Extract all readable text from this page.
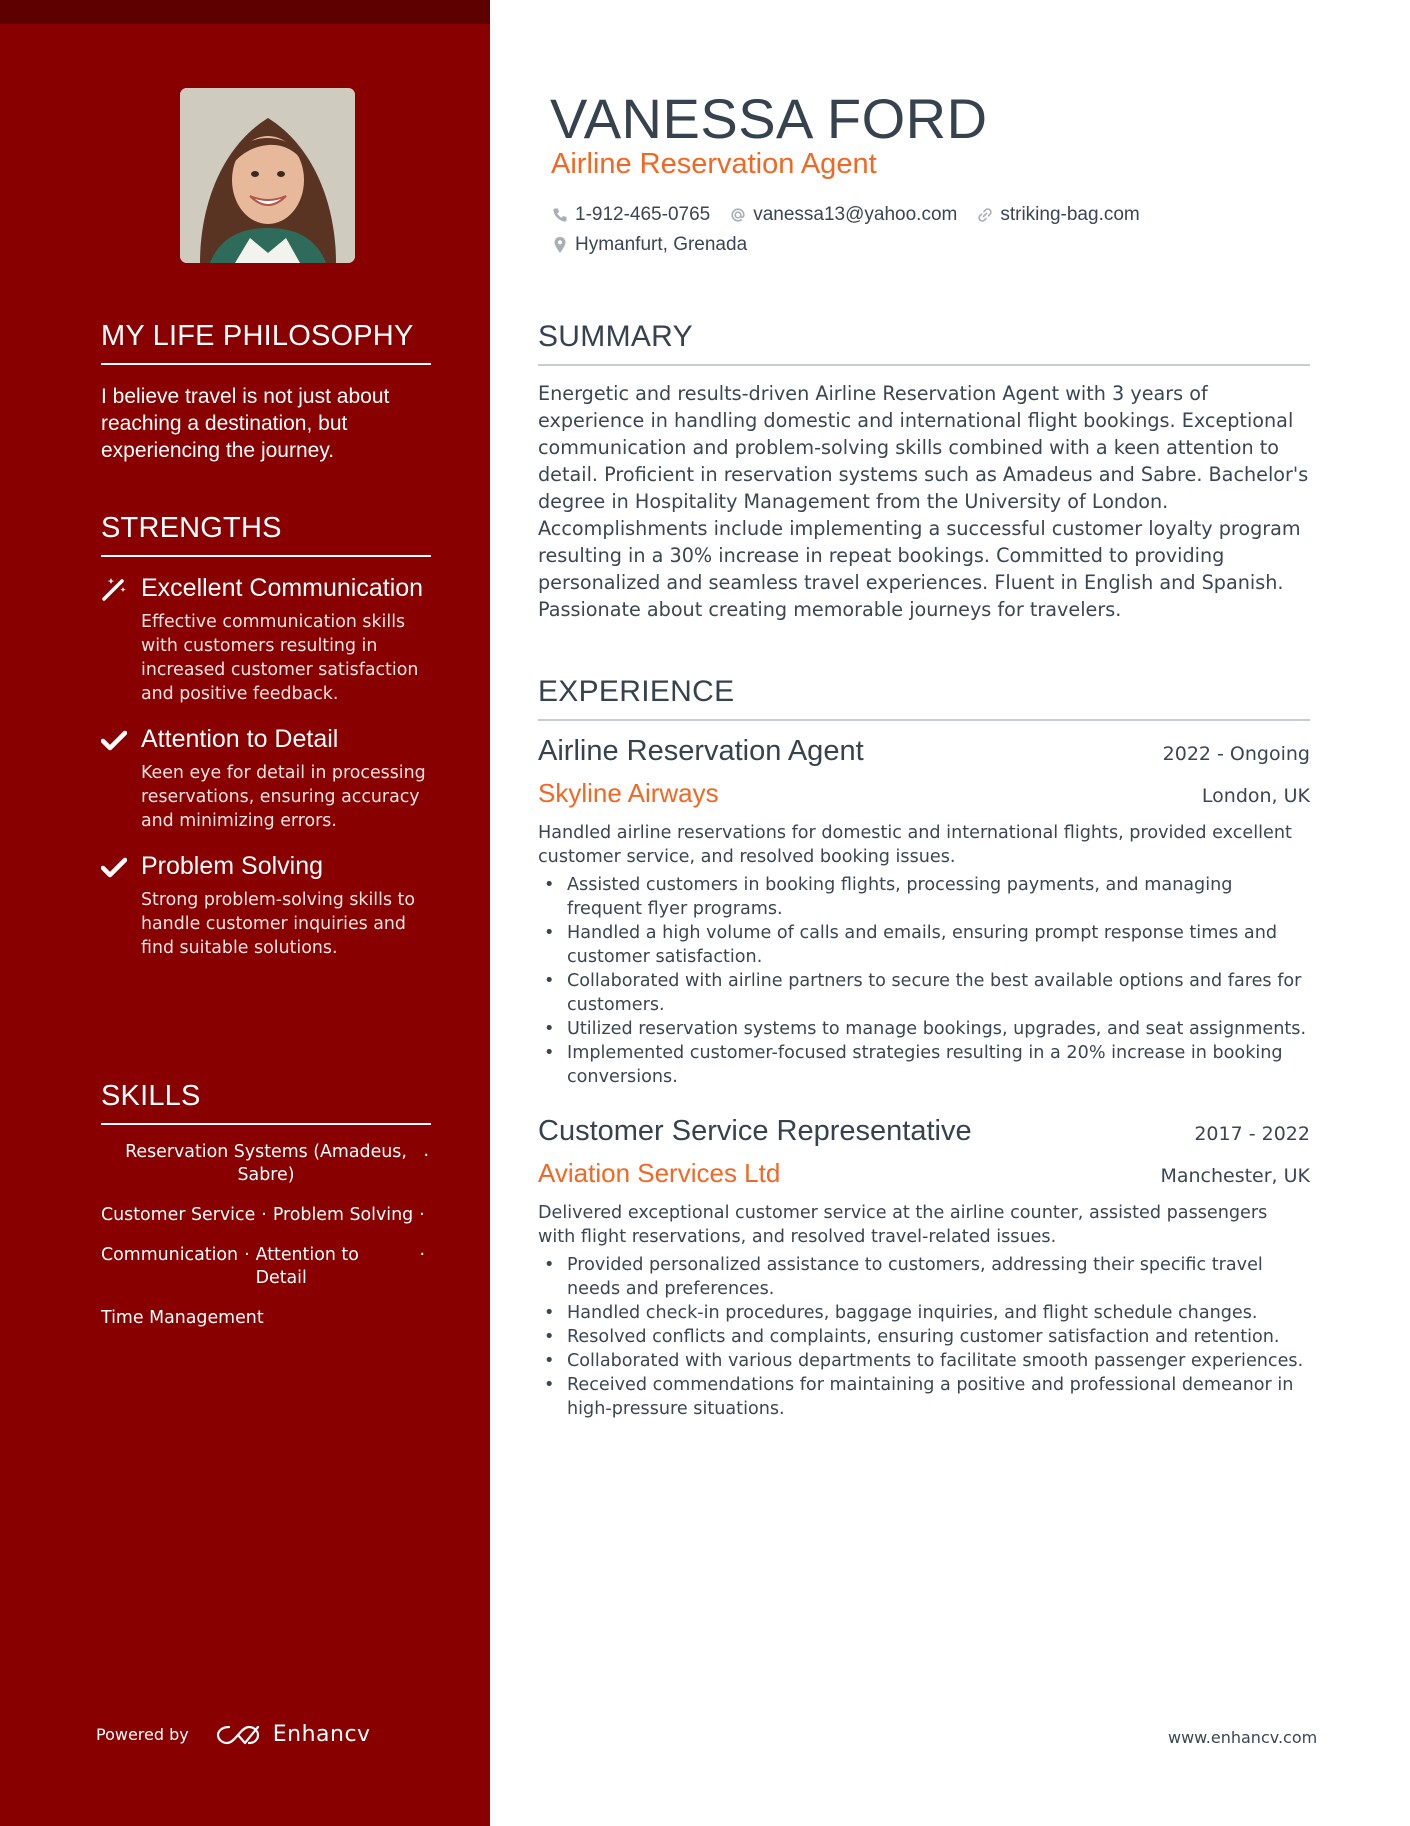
MY LIFE PHILOSOPHY

I believe travel is not just about reaching a destination, but experiencing the journey.

STRENGTHS
Excellent Communication
Effective communication skills with customers resulting in increased customer satisfaction and positive feedback.
Attention to Detail
Keen eye for detail in processing reservations, ensuring accuracy and minimizing errors.
Problem Solving
Strong problem-solving skills to handle customer inquiries and find suitable solutions.
SKILLS
Reservation Systems (Amadeus, Sabre)
·
Customer Service · Problem Solving ·
Communication · Attention to Detail
·
Time Management
Powered by	Enhancv
VANESSA FORD
Airline Reservation Agent
1-912-465-0765 vanessa13@yahoo.com striking-bag.com
Hymanfurt, Grenada
SUMMARY

Energetic and results-driven Airline Reservation Agent with 3 years of experience in handling domestic and international flight bookings. Exceptional communication and problem-solving skills combined with a keen attention to detail. Proficient in reservation systems such as Amadeus and Sabre. Bachelor's degree in Hospitality Management from the University of London. Accomplishments include implementing a successful customer loyalty program resulting in a 30% increase in repeat bookings. Committed to providing personalized and seamless travel experiences. Fluent in English and Spanish. Passionate about creating memorable journeys for travelers.

EXPERIENCE
Airline Reservation Agent	2022 - Ongoing
Skyline Airways	London, UK

Handled airline reservations for domestic and international flights, provided excellent customer service, and resolved booking issues.

• Assisted customers in booking flights, processing payments, and managing frequent flyer programs.
• Handled a high volume of calls and emails, ensuring prompt response times and customer satisfaction.
• Collaborated with airline partners to secure the best available options and fares for customers.
• Utilized reservation systems to manage bookings, upgrades, and seat assignments.
• Implemented customer-focused strategies resulting in a 20% increase in booking conversions.
Customer Service Representative	2017 - 2022
Aviation Services Ltd	Manchester, UK

Delivered exceptional customer service at the airline counter, assisted passengers with flight reservations, and resolved travel-related issues.

• Provided personalized assistance to customers, addressing their specific travel needs and preferences.
• Handled check-in procedures, baggage inquiries, and flight schedule changes.
• Resolved conflicts and complaints, ensuring customer satisfaction and retention.
• Collaborated with various departments to facilitate smooth passenger experiences.
• Received commendations for maintaining a positive and professional demeanor in high-pressure situations.
www.enhancv.com
